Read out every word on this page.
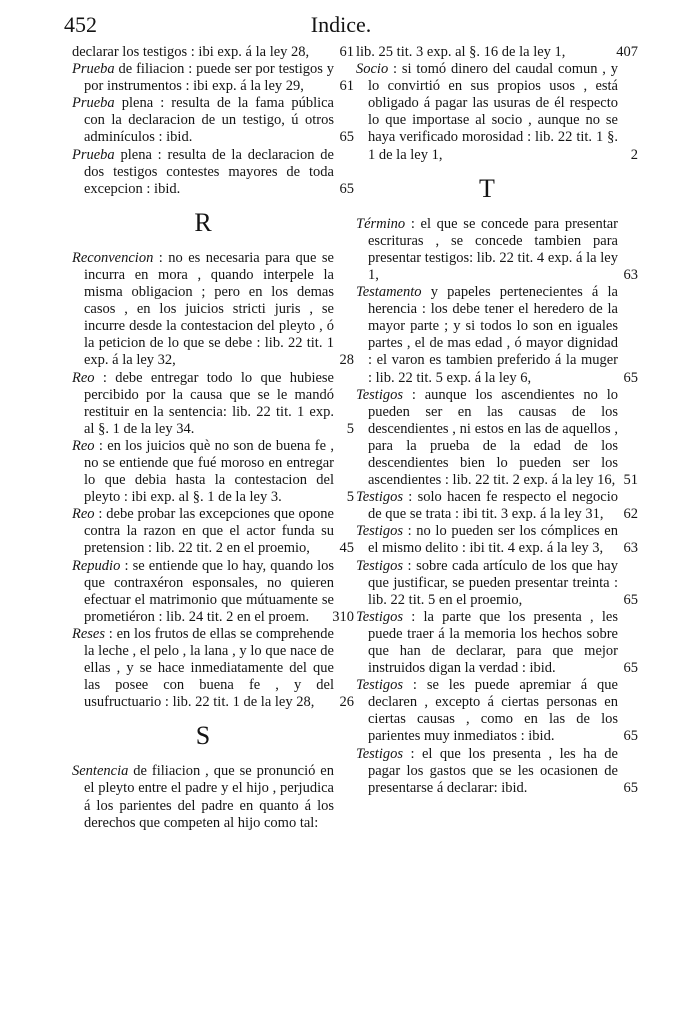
452	Indice.
declarar los testigos : ibi exp. á la ley 28, 61
Prueba de filiacion : puede ser por testigos y por instrumentos : ibi exp. á la ley 29, 61
Prueba plena : resulta de la fama pública con la declaracion de un testigo, ú otros adminículos : ibid.	65
Prueba plena : resulta de la declaracion de dos testigos contestes mayores de toda excepcion : ibid.	65
R
Reconvencion : no es necesaria para que se incurra en mora , quando interpele la misma obligacion ; pero en los demas casos , en los juicios stricti juris , se incurre desde la contestacion del pleyto , ó la peticion de lo que se debe : lib. 22 tit. 1 exp. á la ley 32,	28
Reo : debe entregar todo lo que hubiese percibido por la causa que se le mandó restituir en la sentencia: lib. 22 tit. 1 exp. al §. 1 de la ley 34.	5
Reo : en los juicios què no son de buena fe , no se entiende que fué moroso en entregar lo que debia hasta la contestacion del pleyto : ibi exp. al §. 1 de la ley 3.	5
Reo : debe probar las excepciones que opone contra la razon en que el actor funda su pretension : lib. 22 tit. 2 en el proemio, 45
Repudio : se entiende que lo hay, quando los que contraxéron esponsales, no quieren efectuar el matrimonio que mútuamente se prometiéron : lib. 24 tit. 2 en el proem. 310
Reses : en los frutos de ellas se comprehende la leche , el pelo , la lana , y lo que nace de ellas , y se hace inmediatamente del que las posee con buena fe , y del usufructuario : lib. 22 tit. 1 de la ley 28, 26
S
Sentencia de filiacion , que se pronunció en el pleyto entre el padre y el hijo , perjudica á los parientes del padre en quanto á los derechos que competen al hijo como tal:
lib. 25 tit. 3 exp. al §. 16 de la ley 1,	407
Socio : si tomó dinero del caudal comun , y lo convirtió en sus propios usos , está obligado á pagar las usuras de él respecto lo que importase al socio , aunque no se haya verificado morosidad : lib. 22 tit. 1 §. 1 de la ley 1,	2
T
Término : el que se concede para presentar escrituras , se concede tambien para presentar testigos: lib. 22 tit. 4 exp. á la ley 1,	63
Testamento y papeles pertenecientes á la herencia : los debe tener el heredero de la mayor parte ; y si todos lo son en iguales partes , el de mas edad , ó mayor dignidad : el varon es tambien preferido á la muger : lib. 22 tit. 5 exp. á la ley 6,	65
Testigos : aunque los ascendientes no lo pueden ser en las causas de los descendientes , ni estos en las de aquellos , para la prueba de la edad de los descendientes bien lo pueden ser los ascendientes : lib. 22 tit. 2 exp. á la ley 16, 51
Testigos : solo hacen fe respecto el negocio de que se trata : ibi tit. 3 exp. á la ley 31, 62
Testigos : no lo pueden ser los cómplices en el mismo delito : ibi tit. 4 exp. á la ley 3, 63
Testigos : sobre cada artículo de los que hay que justificar, se pueden presentar treinta : lib. 22 tit. 5 en el proemio,	65
Testigos : la parte que los presenta , les puede traer á la memoria los hechos sobre que han de declarar, para que mejor instruidos digan la verdad : ibid.	65
Testigos : se les puede apremiar á que declaren , excepto á ciertas personas en ciertas causas , como en las de los parientes muy inmediatos : ibid.	65
Testigos : el que los presenta , les ha de pagar los gastos que se les ocasionen de presentarse á declarar: ibid.	65
